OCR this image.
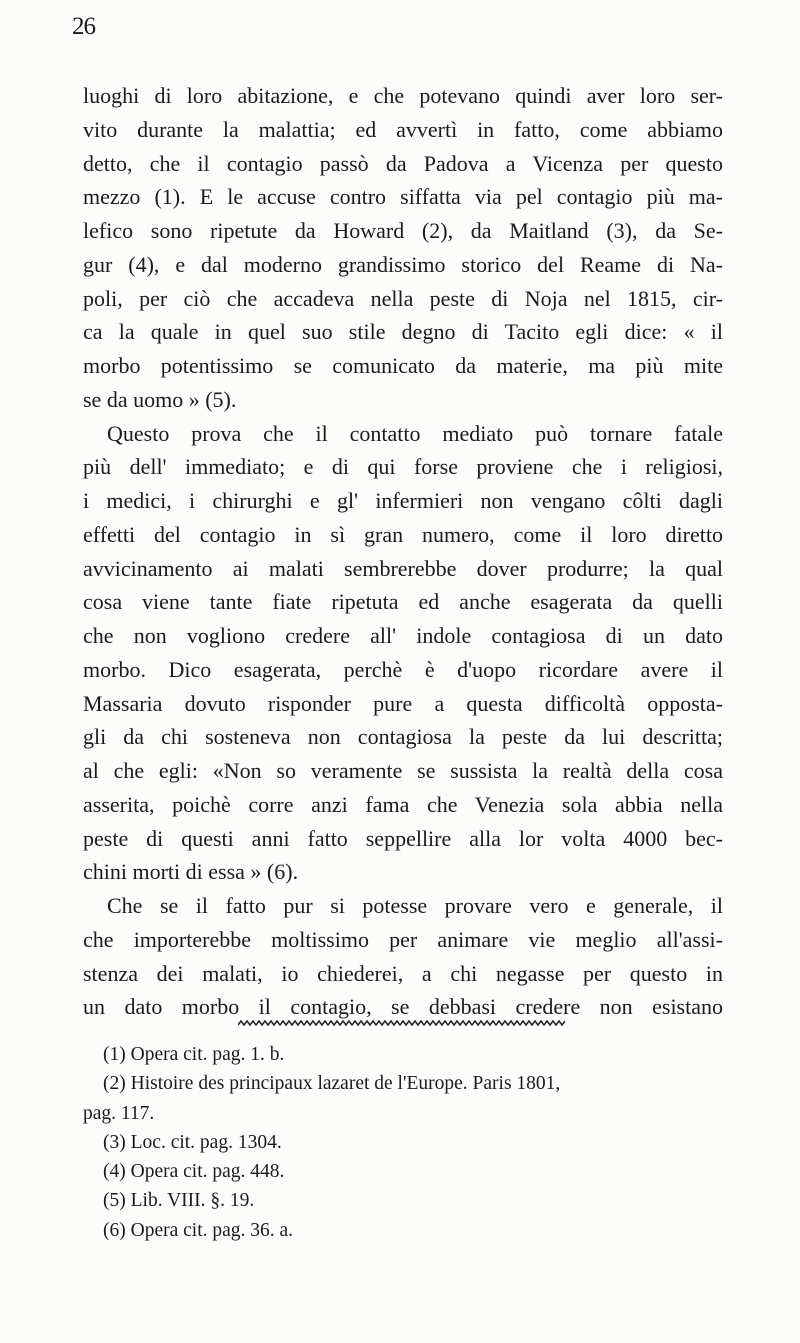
26
luoghi di loro abitazione, e che potevano quindi aver loro ser-
vito durante la malattia; ed avvertì in fatto, come abbiamo
detto, che il contagio passò da Padova a Vicenza per questo
mezzo (1). E le accuse contro siffatta via pel contagio più ma-
lefico sono ripetute da Howard (2), da Maitland (3), da Se-
gur (4), e dal moderno grandissimo storico del Reame di Na-
poli, per ciò che accadeva nella peste di Noja nel 1815, cir-
ca la quale in quel suo stile degno di Tacito egli dice: « il
morbo potentissimo se comunicato da materie, ma più mite
se da uomo » (5).
Questo prova che il contatto mediato può tornare fatale
più dell' immediato; e di qui forse proviene che i religiosi,
i medici, i chirurghi e gl' infermieri non vengano côlti dagli
effetti del contagio in sì gran numero, come il loro diretto
avvicinamento ai malati sembrerebbe dover produrre; la qual
cosa viene tante fiate ripetuta ed anche esagerata da quelli
che non vogliono credere all' indole contagiosa di un dato
morbo. Dico esagerata, perchè è d'uopo ricordare avere il
Massaria dovuto risponder pure a questa difficoltà opposta-
gli da chi sosteneva non contagiosa la peste da lui descritta;
al che egli: «Non so veramente se sussista la realtà della cosa
asserita, poichè corre anzi fama che Venezia sola abbia nella
peste di questi anni fatto seppellire alla lor volta 4000 bec-
chini morti di essa » (6).
Che se il fatto pur si potesse provare vero e generale, il
che importerebbe moltissimo per animare vie meglio all'assi-
stenza dei malati, io chiederei, a chi negasse per questo in
un dato morbo il contagio, se debbasi credere non esistano
(1) Opera cit. pag. 1. b.
(2) Histoire des principaux lazaret de l'Europe. Paris 1801,
pag. 117.
(3) Loc. cit. pag. 1304.
(4) Opera cit. pag. 448.
(5) Lib. VIII. §. 19.
(6) Opera cit. pag. 36. a.
